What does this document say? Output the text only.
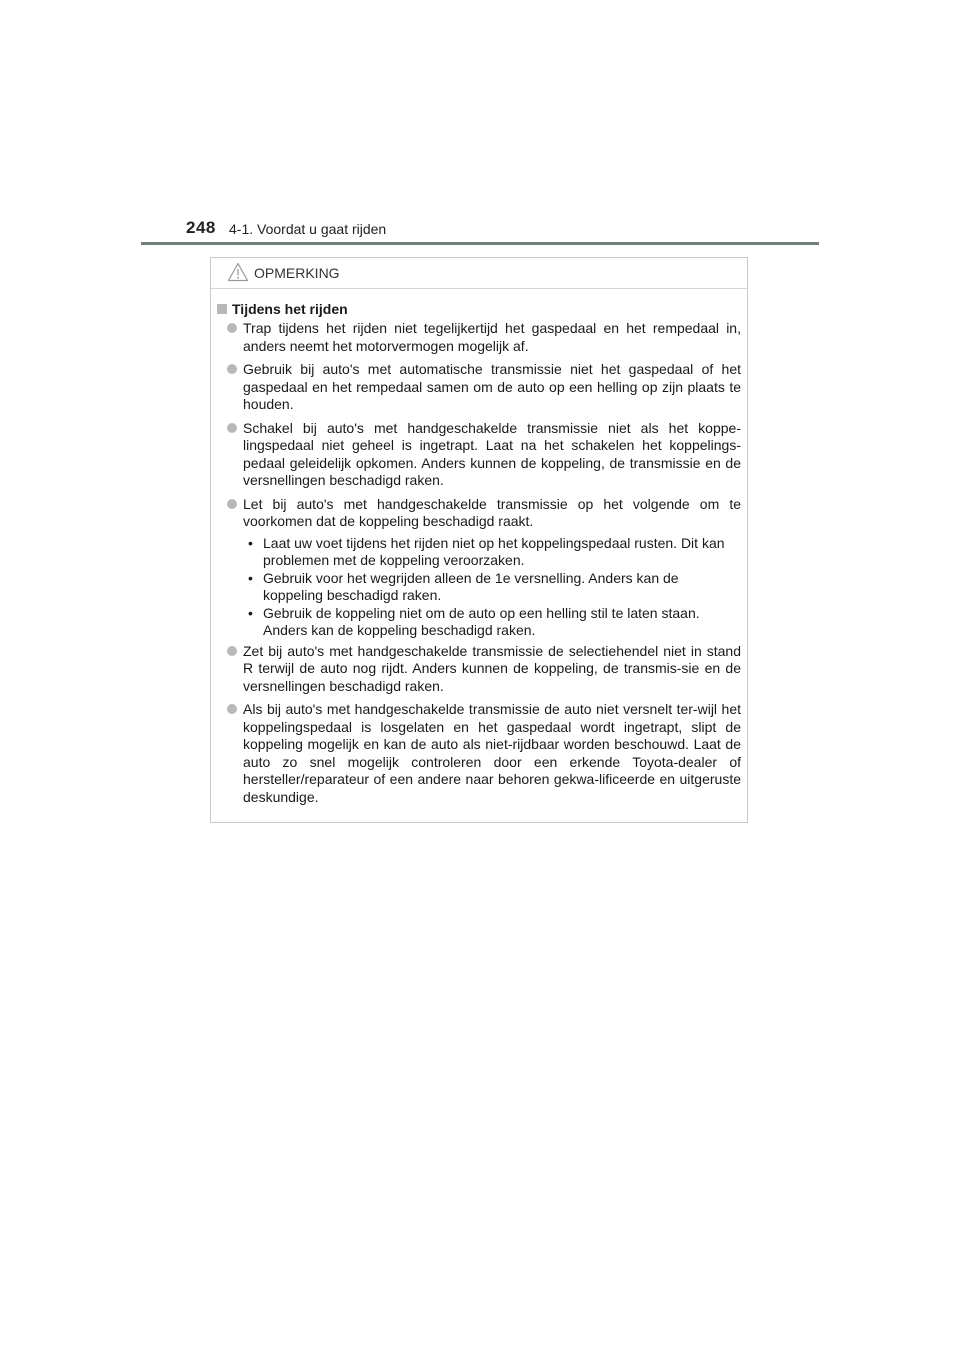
248 4-1. Voordat u gaat rijden
OPMERKING
Tijdens het rijden
Trap tijdens het rijden niet tegelijkertijd het gaspedaal en het rempedaal in, anders neemt het motorvermogen mogelijk af.
Gebruik bij auto's met automatische transmissie niet het gaspedaal of het gaspedaal en het rempedaal samen om de auto op een helling op zijn plaats te houden.
Schakel bij auto's met handgeschakelde transmissie niet als het koppe-lingspedaal niet geheel is ingetrapt. Laat na het schakelen het koppelings-pedaal geleidelijk opkomen. Anders kunnen de koppeling, de transmissie en de versnellingen beschadigd raken.
Let bij auto's met handgeschakelde transmissie op het volgende om te voorkomen dat de koppeling beschadigd raakt.
• Laat uw voet tijdens het rijden niet op het koppelingspedaal rusten. Dit kan problemen met de koppeling veroorzaken.
• Gebruik voor het wegrijden alleen de 1e versnelling. Anders kan de koppeling beschadigd raken.
• Gebruik de koppeling niet om de auto op een helling stil te laten staan. Anders kan de koppeling beschadigd raken.
Zet bij auto's met handgeschakelde transmissie de selectiehendel niet in stand R terwijl de auto nog rijdt. Anders kunnen de koppeling, de transmis-sie en de versnellingen beschadigd raken.
Als bij auto's met handgeschakelde transmissie de auto niet versnelt ter-wijl het koppelingspedaal is losgelaten en het gaspedaal wordt ingetrapt, slipt de koppeling mogelijk en kan de auto als niet-rijdbaar worden beschouwd. Laat de auto zo snel mogelijk controleren door een erkende Toyota-dealer of hersteller/reparateur of een andere naar behoren gekwa-lificeerde en uitgeruste deskundige.
